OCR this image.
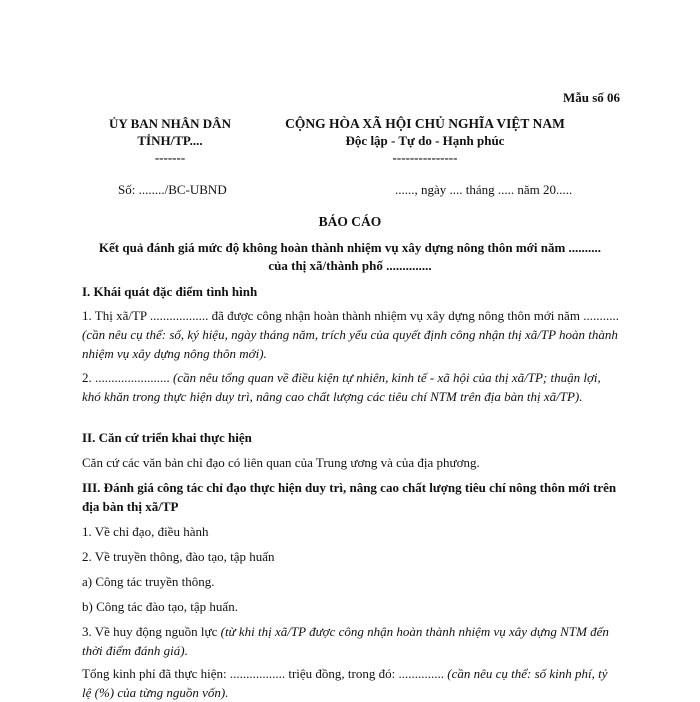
Mẫu số 06
ỦY BAN NHÂN DÂN
TỈNH/TP....
-------
CỘNG HÒA XÃ HỘI CHỦ NGHĨA VIỆT NAM
Độc lập - Tự do - Hạnh phúc
---------------
Số: ......../BC-UBND	......, ngày .... tháng ..... năm 20.....
BÁO CÁO
Kết quả đánh giá mức độ không hoàn thành nhiệm vụ xây dựng nông thôn mới năm ..........
của thị xã/thành phố ..............
I. Khái quát đặc điểm tình hình
1. Thị xã/TP .................. đã được công nhận hoàn thành nhiệm vụ xây dựng nông thôn mới năm ........... (cần nêu cụ thể: số, ký hiệu, ngày tháng năm, trích yếu của quyết định công nhận thị xã/TP hoàn thành nhiệm vụ xây dựng nông thôn mới).
2. ....................... (cần nêu tổng quan về điều kiện tự nhiên, kinh tế - xã hội của thị xã/TP; thuận lợi, khó khăn trong thực hiện duy trì, nâng cao chất lượng các tiêu chí NTM trên địa bàn thị xã/TP).
II. Căn cứ triển khai thực hiện
Căn cứ các văn bản chỉ đạo có liên quan của Trung ương và của địa phương.
III. Đánh giá công tác chỉ đạo thực hiện duy trì, nâng cao chất lượng tiêu chí nông thôn mới trên địa bàn thị xã/TP
1. Về chỉ đạo, điều hành
2. Về truyền thông, đào tạo, tập huấn
a) Công tác truyền thông.
b) Công tác đào tạo, tập huấn.
3. Về huy động nguồn lực (từ khi thị xã/TP được công nhận hoàn thành nhiệm vụ xây dựng NTM đến thời điểm đánh giá).
Tổng kinh phí đã thực hiện: ................. triệu đồng, trong đó: .............. (cần nêu cụ thể: số kinh phí, tỷ lệ (%) của từng nguồn vốn).
